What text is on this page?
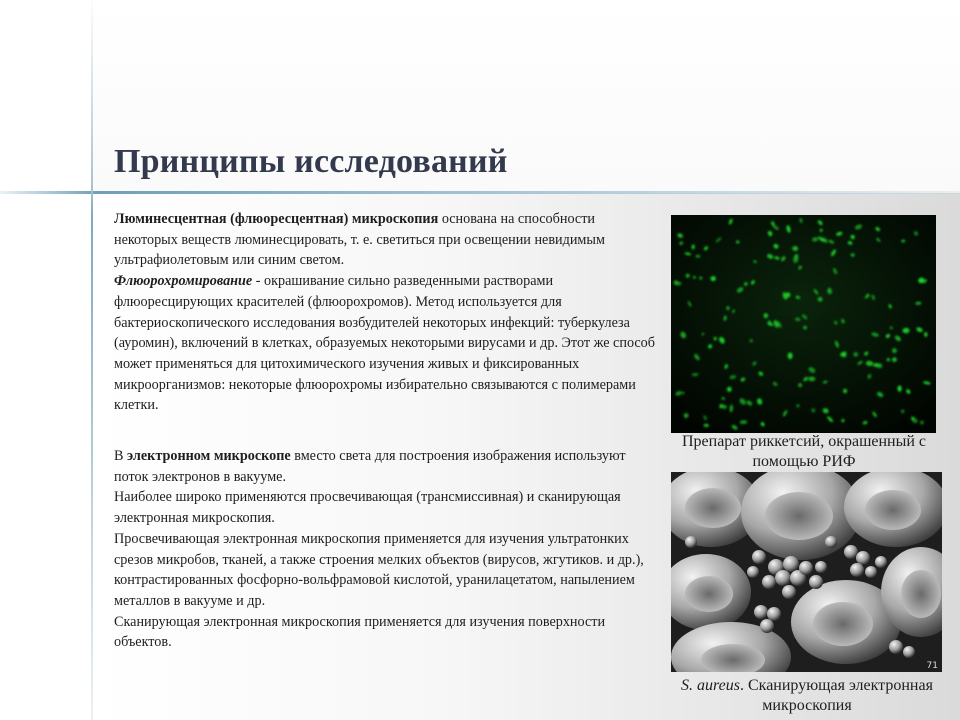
Принципы исследований

Люминесцентная (флюоресцентная) микроскопия основана на способности некоторых веществ люминесцировать, т. е. светиться при освещении невидимым ультрафиолетовым или синим светом.

Флюорохромирование - окрашивание сильно разведенными растворами флюоресцирующих красителей (флюорохромов). Метод используется для бактериоскопического исследования возбудителей некоторых инфекций: туберкулеза (ауромин), включений в клетках, образуемых некоторыми вирусами и др. Этот же способ может применяться для цитохимического изучения живых и фиксированных микроорганизмов: некоторые флюорохромы избирательно связываются с полимерами клетки.

В электронном микроскопе вместо света для построения изображения используют поток электронов в вакууме.

Наиболее широко применяются просвечивающая (трансмиссивная) и сканирующая электронная микроскопия.

Просвечивающая электронная микроскопия применяется для изучения ультратонких срезов микробов, тканей, а также строения мелких объектов (вирусов, жгутиков. и др.), контрастированных фосфорно-вольфрамовой кислотой, уранилацетатом, напылением металлов в вакууме и др.

Сканирующая электронная микроскопия применяется для изучения поверхности объектов.

Препарат риккетсий, окрашенный с помощью РИФ
71
S. aureus. Сканирующая электронная микроскопия
